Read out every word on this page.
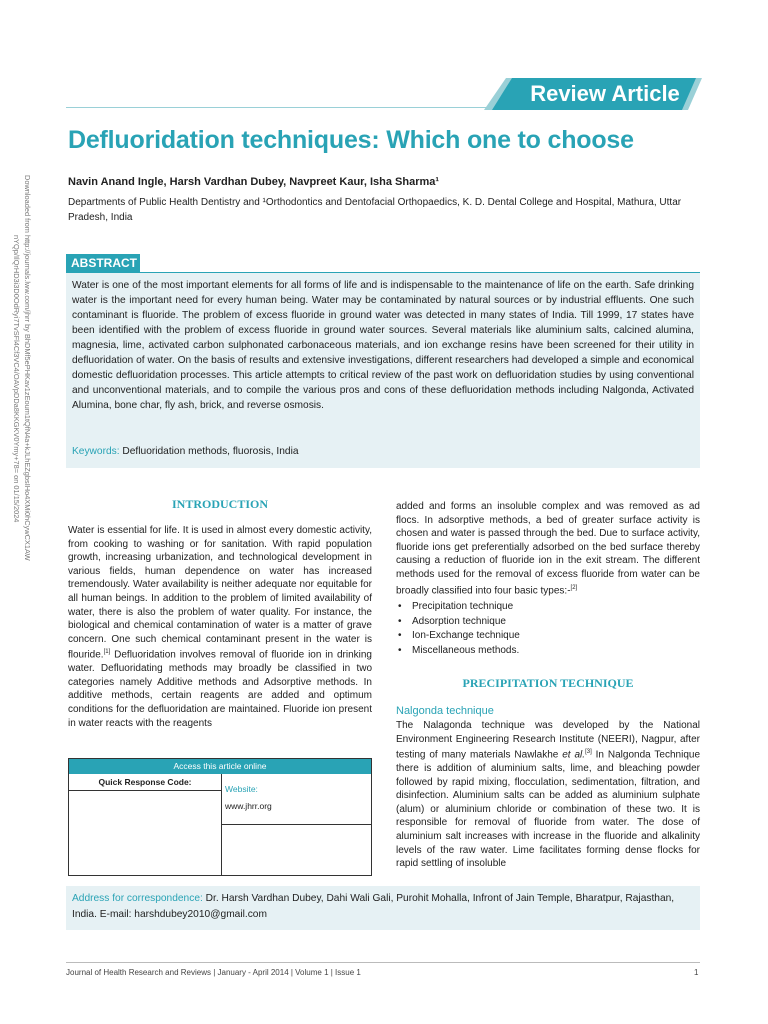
Downloaded from http://journals.lww.com/jhrr by BhDMf5ePHKav1zEoum1tQfN4a+kJLhEZgbsIHo4XMi0hCywCX1AW
nYQp/IlQrHD3i3D0OdRyi7TvSFl4Cf3VC4/OAVpDDa8KKGKV0Ymy+78= on 01/15/2024
Review Article
Defluoridation techniques: Which one to choose
Navin Anand Ingle, Harsh Vardhan Dubey, Navpreet Kaur, Isha Sharma¹
Departments of Public Health Dentistry and ¹Orthodontics and Dentofacial Orthopaedics, K. D. Dental College and Hospital, Mathura, Uttar Pradesh, India
ABSTRACT
Water is one of the most important elements for all forms of life and is indispensable to the maintenance of life on the earth. Safe drinking water is the important need for every human being. Water may be contaminated by natural sources or by industrial effluents. One such contaminant is fluoride. The problem of excess fluoride in ground water was detected in many states of India. Till 1999, 17 states have been identified with the problem of excess fluoride in ground water sources. Several materials like aluminium salts, calcined alumina, magnesia, lime, activated carbon sulphonated carbonaceous materials, and ion exchange resins have been screened for their utility in defluoridation of water. On the basis of results and extensive investigations, different researchers had developed a simple and economical domestic defluoridation processes. This article attempts to critical review of the past work on defluoridation studies by using conventional and unconventional materials, and to compile the various pros and cons of these defluoridation methods including Nalgonda, Activated Alumina, bone char, fly ash, brick, and reverse osmosis.
Keywords: Defluoridation methods, fluorosis, India
INTRODUCTION
Water is essential for life. It is used in almost every domestic activity, from cooking to washing or for sanitation. With rapid population growth, increasing urbanization, and technological development in various fields, human dependence on water has increased tremendously. Water availability is neither adequate nor equitable for all human beings. In addition to the problem of limited availability of water, there is also the problem of water quality. For instance, the biological and chemical contamination of water is a matter of grave concern. One such chemical contaminant present in the water is flouride.[1] Defluoridation involves removal of fluoride ion in drinking water. Defluoridating methods may broadly be classified in two categories namely Additive methods and Adsorptive methods. In additive methods, certain reagents are added and optimum conditions for the defluoridation are maintained. Fluoride ion present in water reacts with the reagents
Access this article online
Quick Response Code:
Website:
www.jhrr.org
added and forms an insoluble complex and was removed as ad flocs. In adsorptive methods, a bed of greater surface activity is chosen and water is passed through the bed. Due to surface activity, fluoride ions get preferentially adsorbed on the bed surface thereby causing a reduction of fluoride ion in the exit stream. The different methods used for the removal of excess fluoride from water can be broadly classified into four basic types:-[2]
• Precipitation technique
• Adsorption technique
• Ion-Exchange technique
• Miscellaneous methods.
PRECIPITATION TECHNIQUE
Nalgonda technique
The Nalagonda technique was developed by the National Environment Engineering Research Institute (NEERI), Nagpur, after testing of many materials Nawlakhe et al.[3] In Nalgonda Technique there is addition of aluminium salts, lime, and bleaching powder followed by rapid mixing, flocculation, sedimentation, filtration, and disinfection. Aluminium salts can be added as aluminium sulphate (alum) or aluminium chloride or combination of these two. It is responsible for removal of fluoride from water. The dose of aluminium salt increases with increase in the fluoride and alkalinity levels of the raw water. Lime facilitates forming dense flocks for rapid settling of insoluble
Address for correspondence: Dr. Harsh Vardhan Dubey, Dahi Wali Gali, Purohit Mohalla, Infront of Jain Temple, Bharatpur, Rajasthan, India. E-mail: harshdubey2010@gmail.com
Journal of Health Research and Reviews | January - April 2014 | Volume 1 | Issue 1	1
